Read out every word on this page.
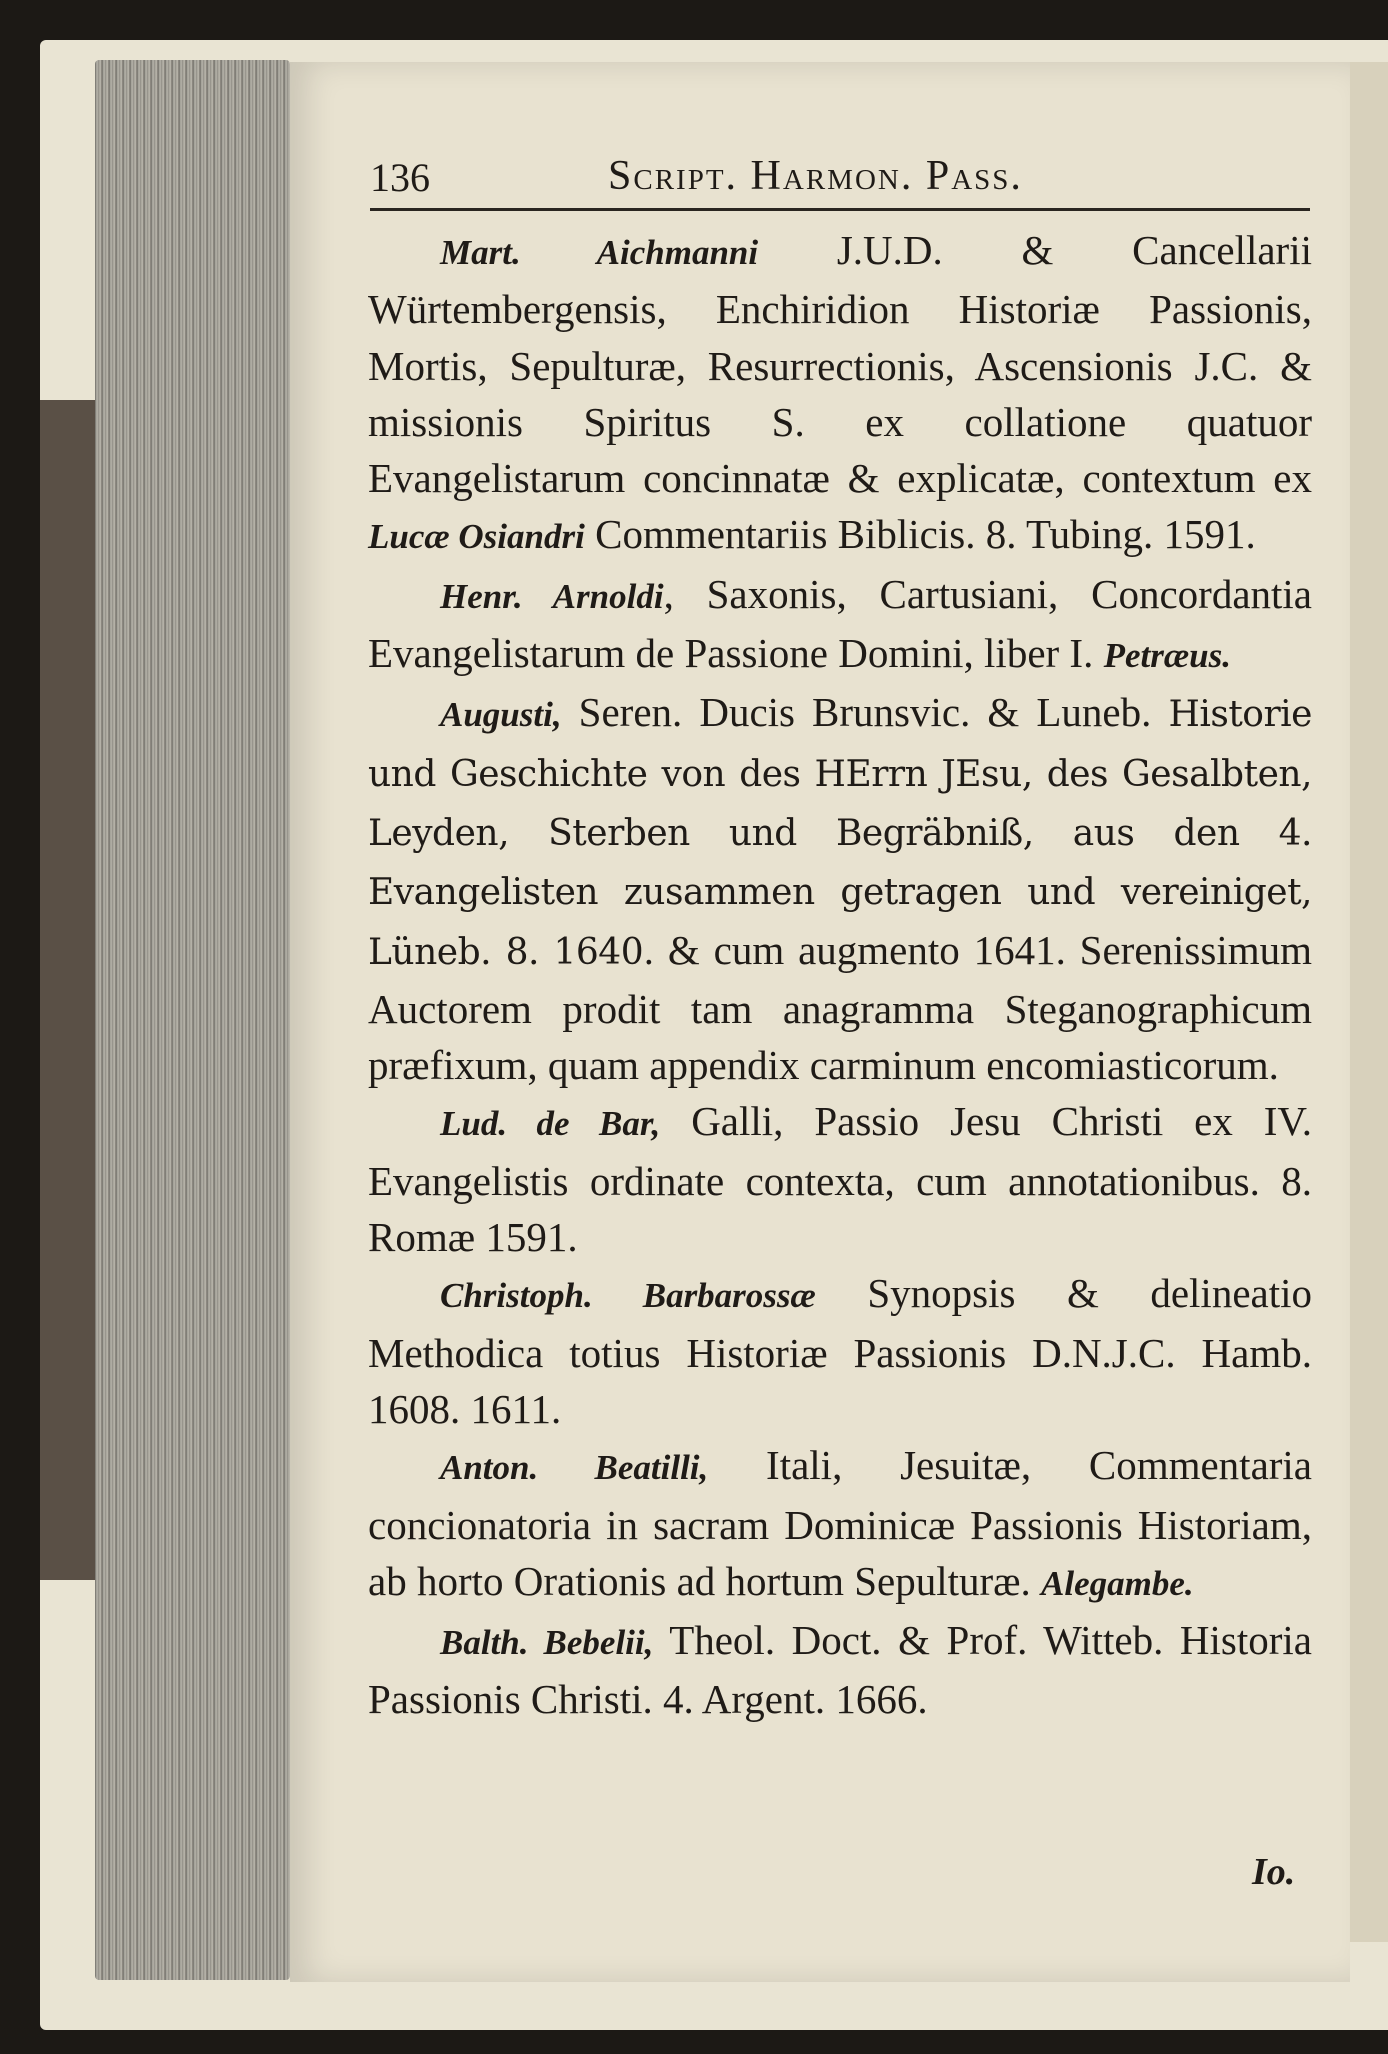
136	Script. Harmon. Pass.

Mart. Aichmanni J.U.D. & Cancellarii Würtembergensis, Enchiridion Historiæ Passionis, Mortis, Sepulturæ, Resurrectionis, Ascensionis J.C. & missionis Spiritus S. ex collatione quatuor Evangelistarum concinnatæ & explicatæ, contextum ex Lucæ Osiandri Commentariis Biblicis. 8. Tubing. 1591.

Henr. Arnoldi, Saxonis, Cartusiani, Concordantia Evangelistarum de Passione Domini, liber I. Petræus.

Augusti, Seren. Ducis Brunsvic. & Luneb. Historie und Geschichte von des HErrn JEsu, des Gesalbten, Leyden, Sterben und Begräbniß, aus den 4. Evangelisten zusammen getragen und vereiniget, Lüneb. 8. 1640. & cum augmento 1641. Serenissimum Auctorem prodit tam anagramma Steganographicum præfixum, quam appendix carminum encomiasticorum.

Lud. de Bar, Galli, Passio Jesu Christi ex IV. Evangelistis ordinate contexta, cum annotationibus. 8. Romæ 1591.

Christoph. Barbarossæ Synopsis & delineatio Methodica totius Historiæ Passionis D.N.J.C. Hamb. 1608. 1611.

Anton. Beatilli, Itali, Jesuitæ, Commentaria concionatoria in sacram Dominicæ Passionis Historiam, ab horto Orationis ad hortum Sepulturæ. Alegambe.

Balth. Bebelii, Theol. Doct. & Prof. Witteb. Historia Passionis Christi. 4. Argent. 1666.

Io.
